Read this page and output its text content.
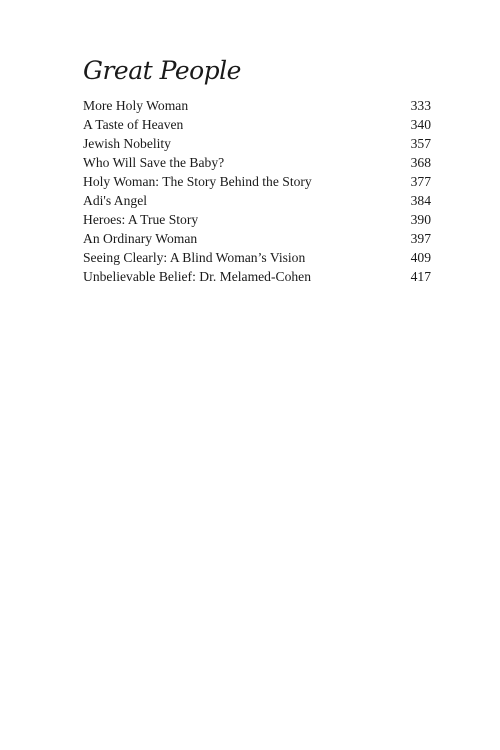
Great People
More Holy Woman	333
A Taste of Heaven	340
Jewish Nobelity	357
Who Will Save the Baby?	368
Holy Woman: The Story Behind the Story	377
Adi's Angel	384
Heroes: A True Story	390
An Ordinary Woman	397
Seeing Clearly: A Blind Woman’s Vision	409
Unbelievable Belief: Dr. Melamed-Cohen	417
